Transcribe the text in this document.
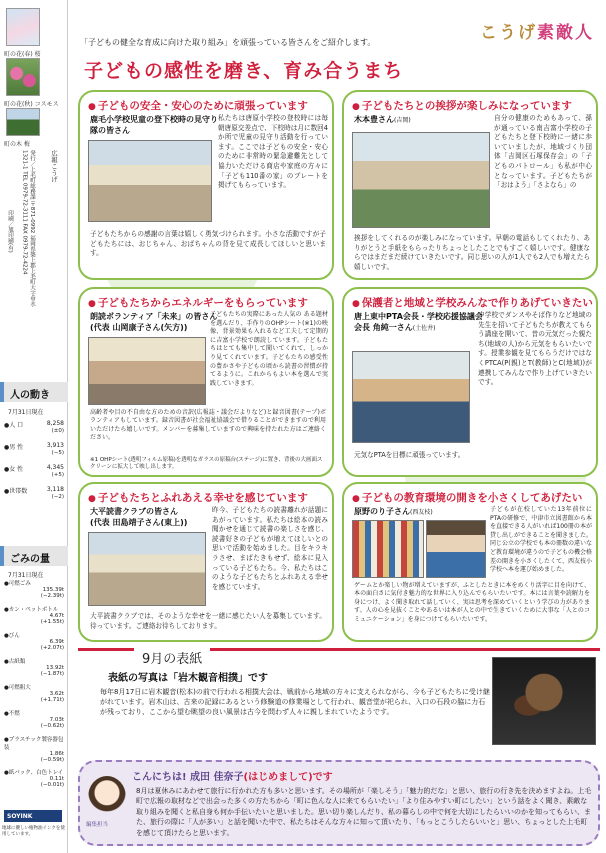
町の花(春) 桜
町の花(秋) コスモス
町の木 梅
広報こうげ
発行／上毛町総務課 〒871-0992 福岡県築上郡上毛町大字垂水1321-1 TEL 0979-72-3111 FAX 0979-72-4224
印刷／旭印刷(有)
人の動き
7月31日現在
●人 口	8,258
(±0)
●男 性	3,913
(−5)
●女 性	4,345
(+5)
●世帯数	3,118
(−2)
ごみの量
7月31日現在
●可燃ごみ
135.39t
(−2.39t)
●カン・ペットボトル
4.67t
(+1.55t)
●びん
6.39t
(+2.07t)
●古紙類
13.92t
(−1.87t)
●可燃粗大
3.62t
(+1.71t)
●不燃
7.03t
(−0.62t)
●プラスチック製容器包装
1.86t
(−0.59t)
●紙パック、白色トレイ
0.11t
(−0.01t)
SOYINK
地球に優しい植物油インクを使用しています。
こうげ素敵人
「子どもの健全な育成に向けた取り組み」を頑張っている皆さんをご紹介します。
子どもの感性を磨き、育み合うまち
● 子どもの安全・安心のために頑張っています
鹿毛小学校児童の登下校時の見守り隊の皆さん

私たちは唐原小学校の登校時には毎朝唐原交差点で、下校時は月に数回4か所で児童の見守り活動を行っています。ここでは子どもの安全・安心のために非常時の緊急避難先として協力いただける商店や家庭の方々に「子ども110番の家」のプレートを掲げてもらっています。

子どもたちからの感謝の言葉は嬉しく勇気づけられます。小さな活動ですが子どもたちには、おじちゃん、おばちゃんの背を見て成長してほしいと思います。

● 子どもたちとの挨拶が楽しみになっています
木本豊さん(吉岡)	自分の健康のためもあって、孫が通っている南吉富小学校の子どもたちと登下校時に一緒に歩いていましたが、地域づくり団体「吉岡区石塚保存会」の「子どものパトロール」も私が中心となっています。子どもたちが「おはよう」「さよなら」の

挨拶をしてくれるのが楽しみになっています。早朝の電話もしてくれたり、ありがとうと手紙をもらったりちょっとしたことでもすごく嬉しいです。健康ならではまだまだ続けていきたいです。同じ思いの人が1人でも2人でも増えたら嬉しいです。

● 子どもたちからエネルギーをもらっています
朗読ボランティア「未来」の皆さん
(代表 山岡康子さん(矢方))

子どもたちの実際にあった人気の ある題材を選んだり、手作りのOHPシート(※1)の映像、背景効果も入れるなど工夫して定期的に吉富小学校で朗読しています。子どもたちはとても集中して聞いてくれて、しっかり見てくれています。子どもたちの感受性の豊かさや子どもの頃から読書の習慣が持てるように。これからもよい本を選んで実践していきます。

高齢者や目の不自由な方のための音訳(広報誌・議会だよりなど)と録音図書(テープ)ボランティアもしています。録音図書が社会福祉協議会で借りることができますので利用いただけたら嬉しいです。メンバーを募集していますので興味を持たれた方はご連絡ください。

※1 OHPシート(透明フィルム原稿)を透明なガラスの原稿台(ステージ)に置き、背後の大画面スクリーンに拡大して映し出します。

● 保護者と地域と学校みんなで作りあげていきたい
唐上東中PTA会長・学校応援協議会会長 角純一さん(土佐井)

中学校でダンスやそば作りなど地域の先生を招いて子どもたちが教えてもらう講座を開いて、昔の元気だった親たち(地域の人)から元気をもらいたいです。授業参観を見てもらうだけではなくPTCA(P(親)とT(教師)とC(地域))が連携してみんなで作り上げていきたいです。

元気なPTAを目標に頑張っています。

● 子どもたちとふれあえる幸せを感じています
大平読書クラブの皆さん
(代表 田島靖子さん(東上))

昨今、子どもたちの読書離れが話題にあがっています。私たちは絵本の読み聞かせを通じて読書の楽しさを感じ、読書好きの子どもが増えてほしいとの思いで活動を始めました。目をキラキラさせ、まばたきもせず、絵本に見入っている子どもたち。今、私たちはこのような子どもたちとふれあえる幸せを感じています。

大平読書クラブでは、そのような幸せを一緒に感じたい人を募集しています。待っています。ご連絡お待ちしております。

● 子どもの教育環境の開きを小さくしてあげたい
原野のり子さん(西友枝)	子どもが在校していた13年前位にPTAの研修で、中津市立図書館から本を直接できる人がいれば100冊の本が貸し出しができることを聞きました。同じ公立の学校でも本の冊数の違いなど教育環境が違うので子どもの機会格差の開きを小さくしたくて、西友枝小学校へ本を運び始めました。

ゲームとか楽しい物が増えていますが、ふとしたときに本をめくり活字に目を向けて、本の面白さに気付き魅力的な世界に入り込んでもらいたいです。本には言葉や読解力を身につけ、よく聞き取れて話していく、実は思考を深めていくという学びの力があります。人の心を見抜くことやあるいは本が人との中で生きていくために大事な「人とのコミュニケーション」を身につけてもらいたいです。

9月の表紙
表紙の写真は「岩木観音相撲」です

毎年8月17日に岩木観音(松本)の前で行われる相撲大会は、戦前から地域の方々に支えられながら、今も子どもたちに受け継がれています。岩木山は、古来の記録にあるという修験道の修業場として行われ、観音堂が祀られ、入口の石段の脇に力石が残っており、ここから望む眺望の良い風景は古今を問わず人々に親しまれていたようです。

編集担当
こんにちは! 成田 佳奈子(はじめまして)です

8月は夏休みにあわせて旅行に行かれた方も多いと思います。その場所が「楽しそう」「魅力的だな」と思い、旅行の行き先を決めますよね。上毛町で広報の取材などで出会った多くの方たちから「町に色んな人に来てもらいたい」「より住みやすい町にしたい」という話をよく聞き、素敵な取り組みを聞くと私自身も何か手伝いたいと思いました。思い切り楽しんだり、私の暮らしの中で何を大切にしたらいいのかを知ってもらい、また、旅行の際に「人が多い」と話を聞いた中で、私たちはそんな方々に知って頂いたり、「もっとこうしたらいいと」思い、ちょっとした上毛町を感じて頂けたらと思います。
